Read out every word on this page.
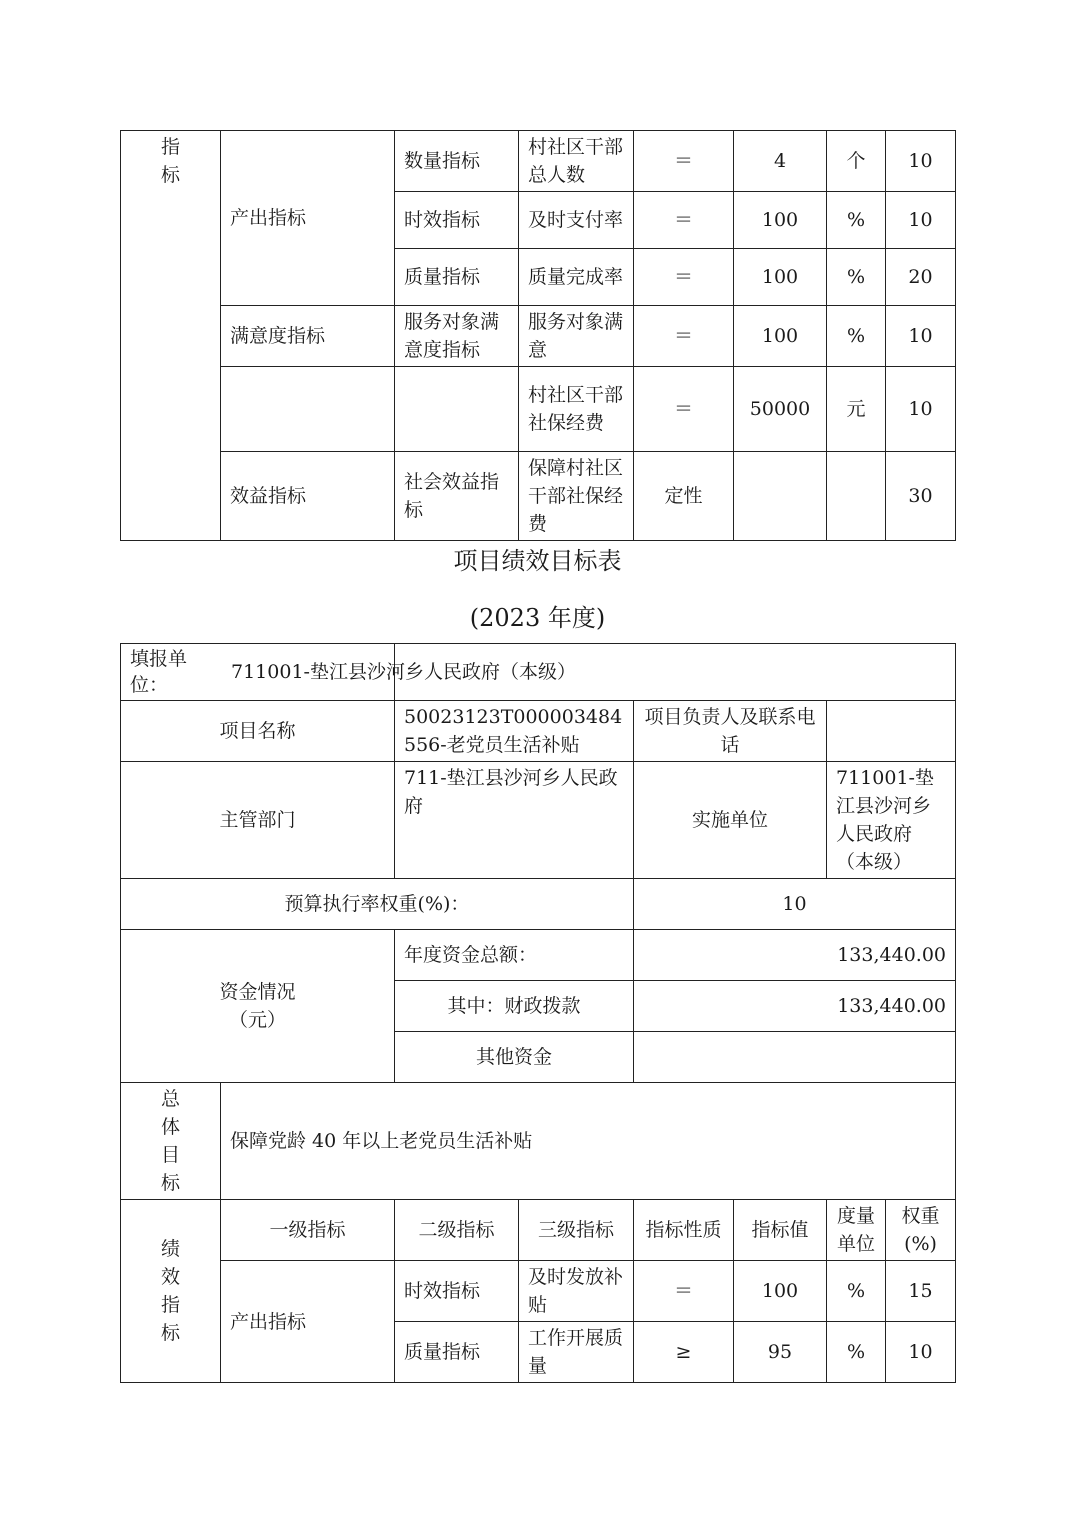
指标	产出指标	数量指标	村社区干部总人数	＝	4	个	10
		时效指标	及时支付率	＝	100	%	10
		质量指标	质量完成率	＝	100	%	20
	满意度指标	服务对象满意度指标	服务对象满意	＝	100	%	10
			村社区干部社保经费	＝	50000	元	10
	效益指标	社会效益指标	保障村社区干部社保经费	定性			30
项目绩效目标表
(2023 年度)
填报单位：		711001-垫江县沙河乡人民政府（本级）					
项目名称		50023123T000003484556-老党员生活补贴		项目负责人及联系电话			
主管部门		711-垫江县沙河乡人民政府		实施单位		711001-垫江县沙河乡人民政府（本级）	
预算执行率权重(%)：				10			
资金情况（元）		年度资金总额：		133,440.00			
		其中：财政拨款		133,440.00			
		其他资金					
总体目标	保障党龄 40 年以上老党员生活补贴						
绩效指标	一级指标	二级指标	三级指标	指标性质	指标值	度量单位	权重(%)
	产出指标	时效指标	及时发放补贴	＝	100	%	15
		质量指标	工作开展质量	≥	95	%	10
